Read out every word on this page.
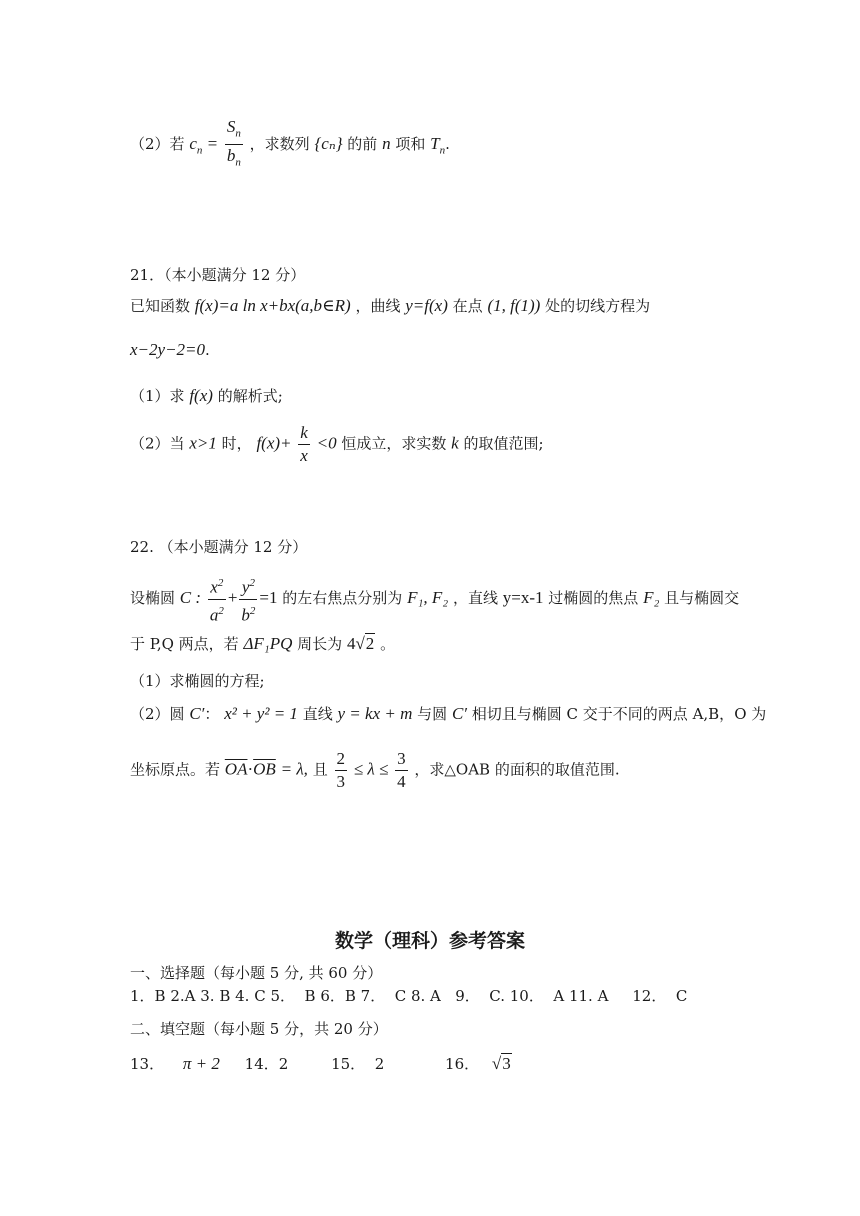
（2）若 $c_n = \frac{S_n}{b_n}$ ，求数列 {cₙ} 的前 n 项和 $T_n$.
21．（本小题满分 12 分）
已知函数 f(x)=a ln x+bx(a,b∈R) ，曲线 y=f(x) 在点 (1, f(1)) 处的切线方程为
x−2y−2=0.
（1）求 f(x) 的解析式;
（2）当 x>1 时， $f(x)+ \frac{k}{x} <0$ 恒成立，求实数 k 的取值范围;
22. （本小题满分 12 分）
设椭圆 C : $\frac{x^2}{a^2} + \frac{y^2}{b^2} =1$ 的左右焦点分别为 F₁, F₂ ，直线 y=x-1 过椭圆的焦点 F₂ 且与椭圆交
于 P,Q 两点，若 ΔF₁PQ 周长为 4√2 。
（1）求椭圆的方程;
（2）圆 C′： x² + y² = 1 直线 y = kx + m 与圆 C′ 相切且与椭圆 C 交于不同的两点 A,B，O 为
坐标原点。若 $\overline{OA}\cdot\overline{OB} = \lambda$, 且 $\frac{2}{3} \le \lambda \le \frac{3}{4}$ ，求△OAB 的面积的取值范围.
数学（理科）参考答案
一、选择题（每小题 5 分, 共 60 分）
1．B 2.A 3. B 4. C 5．  B 6．B 7．  C 8. A   9．  C. 10．  A 11. A     12．  C
二、填空题（每小题 5 分，共 20 分）
13． π + 2 14．2	15．  2	16． √3
